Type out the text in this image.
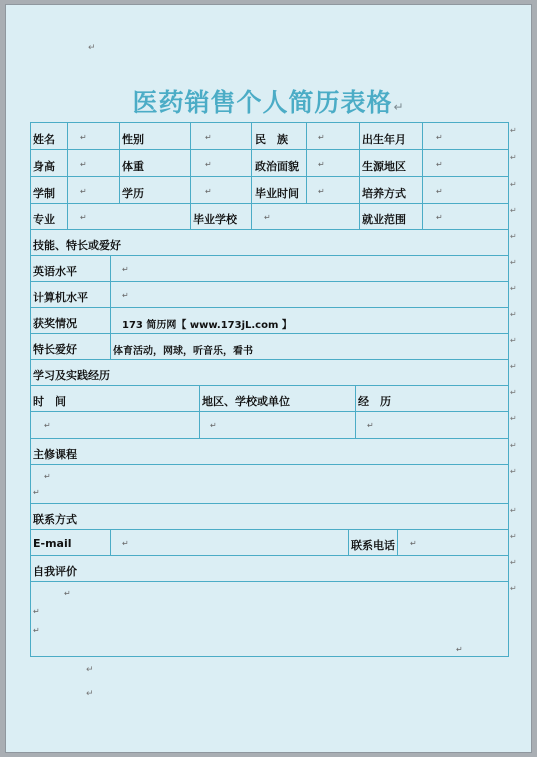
医药销售个人简历表格↵
↵
↵
↵
姓名	性别	民　族	出生年月
身高	体重	政治面貌	生源地区
学制	学历	毕业时间	培养方式
专业	毕业学校	就业范围
技能、特长或爱好
英语水平
计算机水平
获奖情况	173 简历网【 www.173jL.com 】
特长爱好	体育活动，网球，听音乐，看书
学习及实践经历
时　间	地区、学校或单位	经　历
主修课程
联系方式
E-mail	联系电话
自我评价
↵	↵	↵	↵
↵	↵	↵	↵
↵	↵	↵	↵
↵	↵	↵
↵
↵
↵	↵	↵
↵
↵
↵	↵
↵
↵
↵
↵
↵
↵
↵
↵
↵
↵
↵
↵
↵
↵
↵
↵
↵
↵
↵
↵
↵
↵
